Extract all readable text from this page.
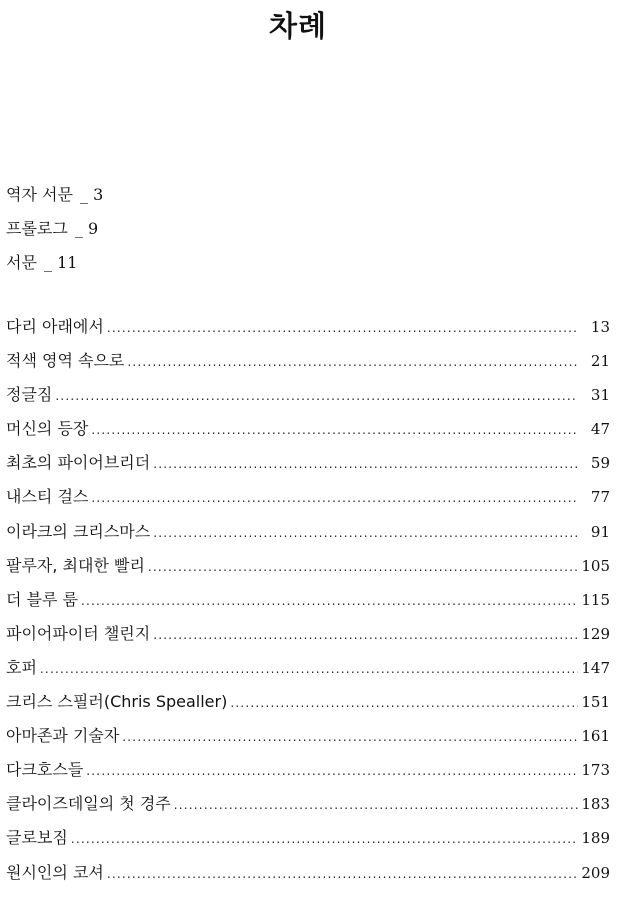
차례
역자 서문 _ 3
프롤로그 _ 9
서문 _ 11
다리 아래에서 .....	13
적색 영역 속으로 .....	21
정글짐 .....	31
머신의 등장 .....	47
최초의 파이어브리더 .....	59
내스티 걸스 .....	77
이라크의 크리스마스 .....	91
팔루자, 최대한 빨리 .....	105
더 블루 룸 .....	115
파이어파이터 챌린지 .....	129
호퍼 .....	147
크리스 스필러(Chris Spealler) .....	151
아마존과 기술자 .....	161
다크호스들 .....	173
클라이즈데일의 첫 경주 .....	183
글로보짐 .....	189
원시인의 코셔 .....	209
